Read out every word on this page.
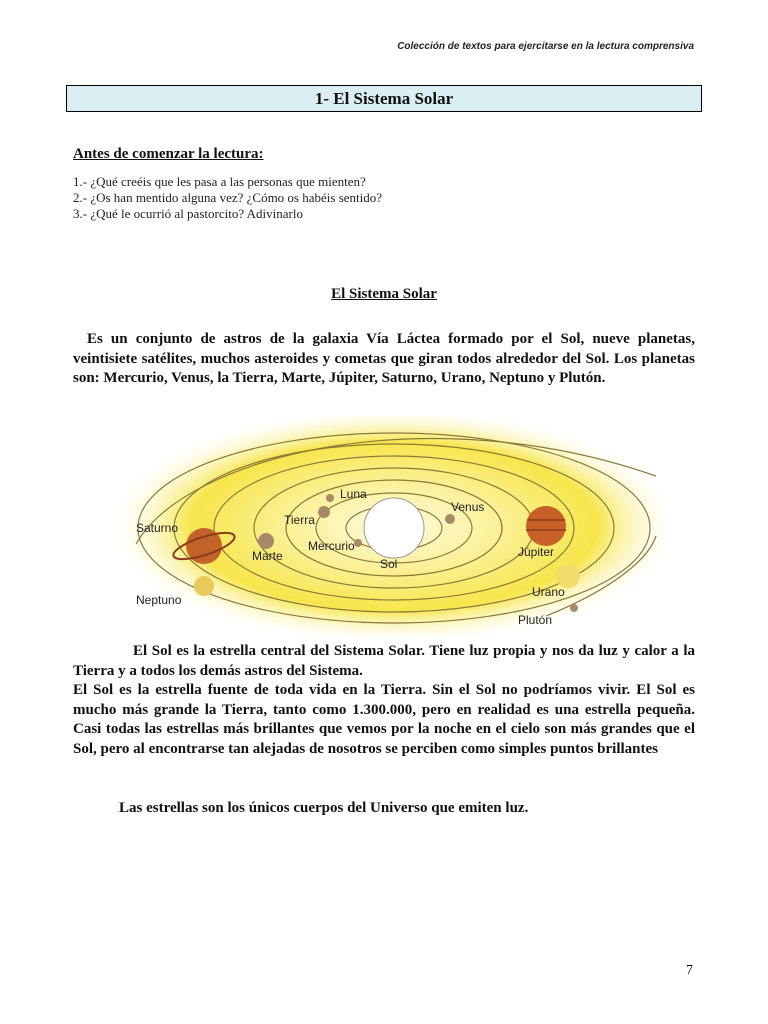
Colección de textos para ejercitarse en la lectura comprensiva
1- El Sistema Solar
Antes de comenzar la lectura:
1.- ¿Qué creéis que les pasa a las personas que mienten?
2.- ¿Os han mentido alguna vez? ¿Cómo os habéis sentido?
3.- ¿Qué le ocurrió al pastorcito? Adivinarlo
El Sistema Solar

Es un conjunto de astros de la galaxia Vía Láctea formado por el Sol, nueve planetas, veintisiete satélites, muchos asteroides y cometas que giran todos alrededor del Sol. Los planetas son: Mercurio, Venus, la Tierra, Marte, Júpiter, Saturno, Urano, Neptuno y Plutón.

Luna
Venus
Tierra
Saturno
Júpiter
Marte
Mercurio
Sol
Neptuno
Urano
Plutón

El Sol es la estrella central del Sistema Solar. Tiene luz propia y nos da luz y calor a la Tierra y a todos los demás astros del Sistema.

El Sol es la estrella fuente de toda vida en la Tierra. Sin el Sol no podríamos vivir. El Sol es mucho más grande la Tierra, tanto como 1.300.000, pero en realidad es una estrella pequeña. Casi todas las estrellas más brillantes que vemos por la noche en el cielo son más grandes que el Sol, pero al encontrarse tan alejadas de nosotros se perciben como simples puntos brillantes

Las estrellas son los únicos cuerpos del Universo que emiten luz.

7
